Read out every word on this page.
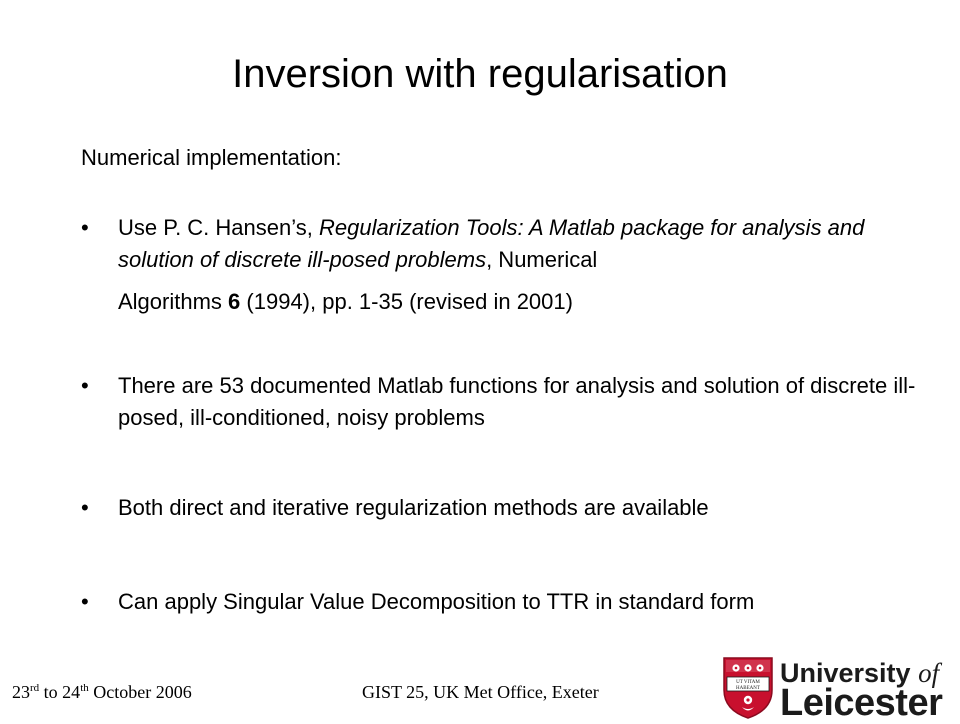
Inversion with regularisation

Numerical implementation:

• Use P. C. Hansen’s, Regularization Tools: A Matlab package for analysis and solution of discrete ill-posed problems, Numerical
Algorithms 6 (1994), pp. 1-35 (revised in 2001)
• There are 53 documented Matlab functions for analysis and solution of discrete ill-posed, ill-conditioned, noisy problems
• Both direct and iterative regularization methods are available
• Can apply Singular Value Decomposition to TTR in standard form
23rd to 24th October 2006	GIST 25, UK Met Office, Exeter	UT VITAM
HABEANT
University of
Leicester
